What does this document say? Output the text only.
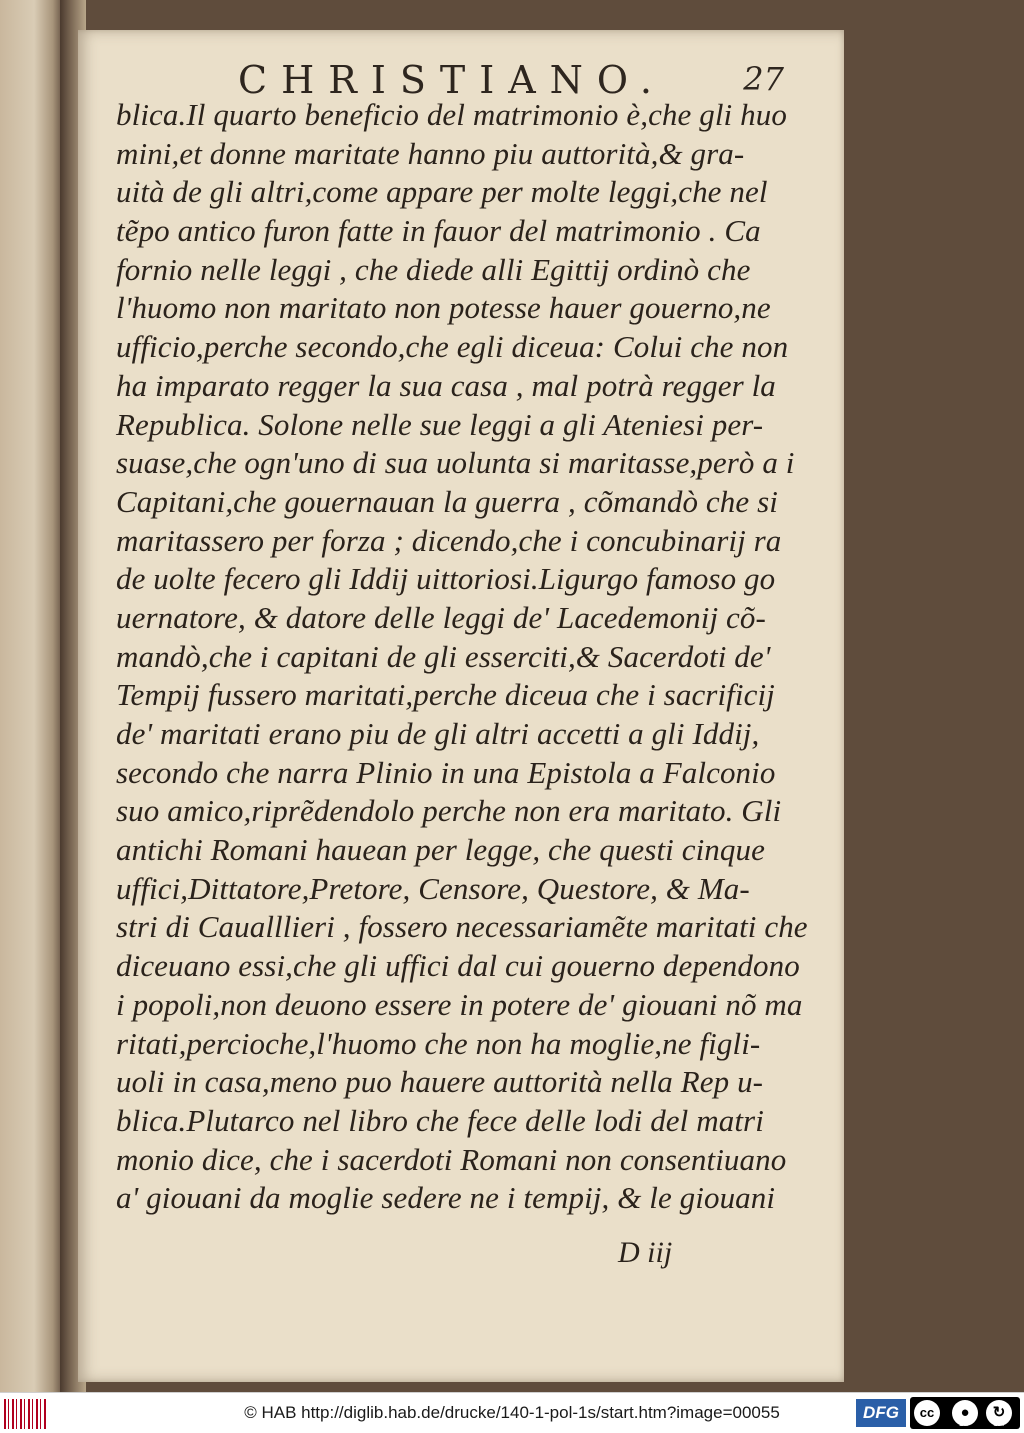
CHRISTIANO. 27
blica.Il quarto beneficio del matrimonio è,che gli huo
mini,et donne maritate hanno piu auttorità,& gra-
uità de gli altri,come appare per molte leggi,che nel
tẽpo antico furon fatte in fauor del matrimonio . Ca
fornio nelle leggi , che diede alli Egittij ordinò che
l'huomo non maritato non potesse hauer gouerno,ne
ufficio,perche secondo,che egli diceua: Colui che non
ha imparato regger la sua casa , mal potrà regger la
Republica. Solone nelle sue leggi a gli Ateniesi per-
suase,che ogn'uno di sua uolunta si maritasse,però a i
Capitani,che gouernauan la guerra , cõmandò che si
maritassero per forza ; dicendo,che i concubinarij ra
de uolte fecero gli Iddij uittoriosi.Ligurgo famoso go
uernatore, & datore delle leggi de' Lacedemonij cõ-
mandò,che i capitani de gli esserciti,& Sacerdoti de'
Tempij fussero maritati,perche diceua che i sacrificij
de' maritati erano piu de gli altri accetti a gli Iddij,
secondo che narra Plinio in una Epistola a Falconio
suo amico,riprẽdendolo perche non era maritato. Gli
antichi Romani hauean per legge, che questi cinque
uffici,Dittatore,Pretore, Censore, Questore, & Ma-
stri di Caualllieri , fossero necessariamẽte maritati che
diceuano essi,che gli uffici dal cui gouerno dependono
i popoli,non deuono essere in potere de' giouani nõ ma
ritati,percioche,l'huomo che non ha moglie,ne figli-
uoli in casa,meno puo hauere auttorità nella Rep u-
blica.Plutarco nel libro che fece delle lodi del matri
monio dice, che i sacerdoti Romani non consentiuano
a' giouani da moglie sedere ne i tempij, & le giouani
D iij
© HAB http://diglib.hab.de/drucke/140-1-pol-1s/start.htm?image=00055	DFG	cc	●
BY
↻
SA
